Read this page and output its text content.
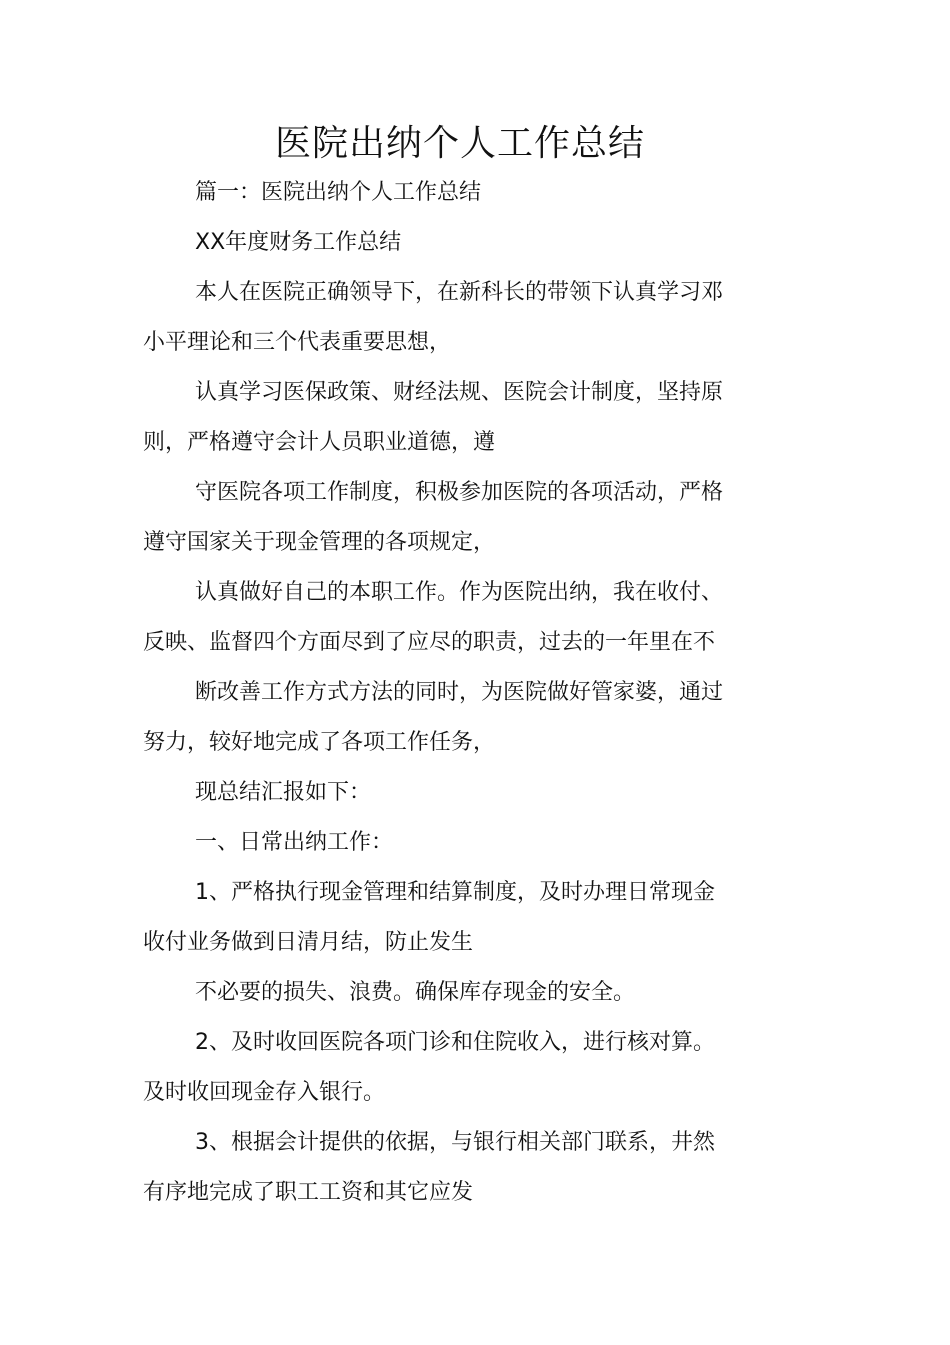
医院出纳个人工作总结
篇一：医院出纳个人工作总结
XX年度财务工作总结
本人在医院正确领导下，在新科长的带领下认真学习邓
小平理论和三个代表重要思想，
认真学习医保政策、财经法规、医院会计制度，坚持原
则，严格遵守会计人员职业道德，遵
守医院各项工作制度，积极参加医院的各项活动，严格
遵守国家关于现金管理的各项规定，
认真做好自己的本职工作。作为医院出纳，我在收付、
反映、监督四个方面尽到了应尽的职责，过去的一年里在不
断改善工作方式方法的同时，为医院做好管家婆，通过
努力，较好地完成了各项工作任务，
现总结汇报如下：
一、日常出纳工作：
1、严格执行现金管理和结算制度，及时办理日常现金
收付业务做到日清月结，防止发生
不必要的损失、浪费。确保库存现金的安全。
2、及时收回医院各项门诊和住院收入，进行核对算。
及时收回现金存入银行。
3、根据会计提供的依据，与银行相关部门联系，井然
有序地完成了职工工资和其它应发
